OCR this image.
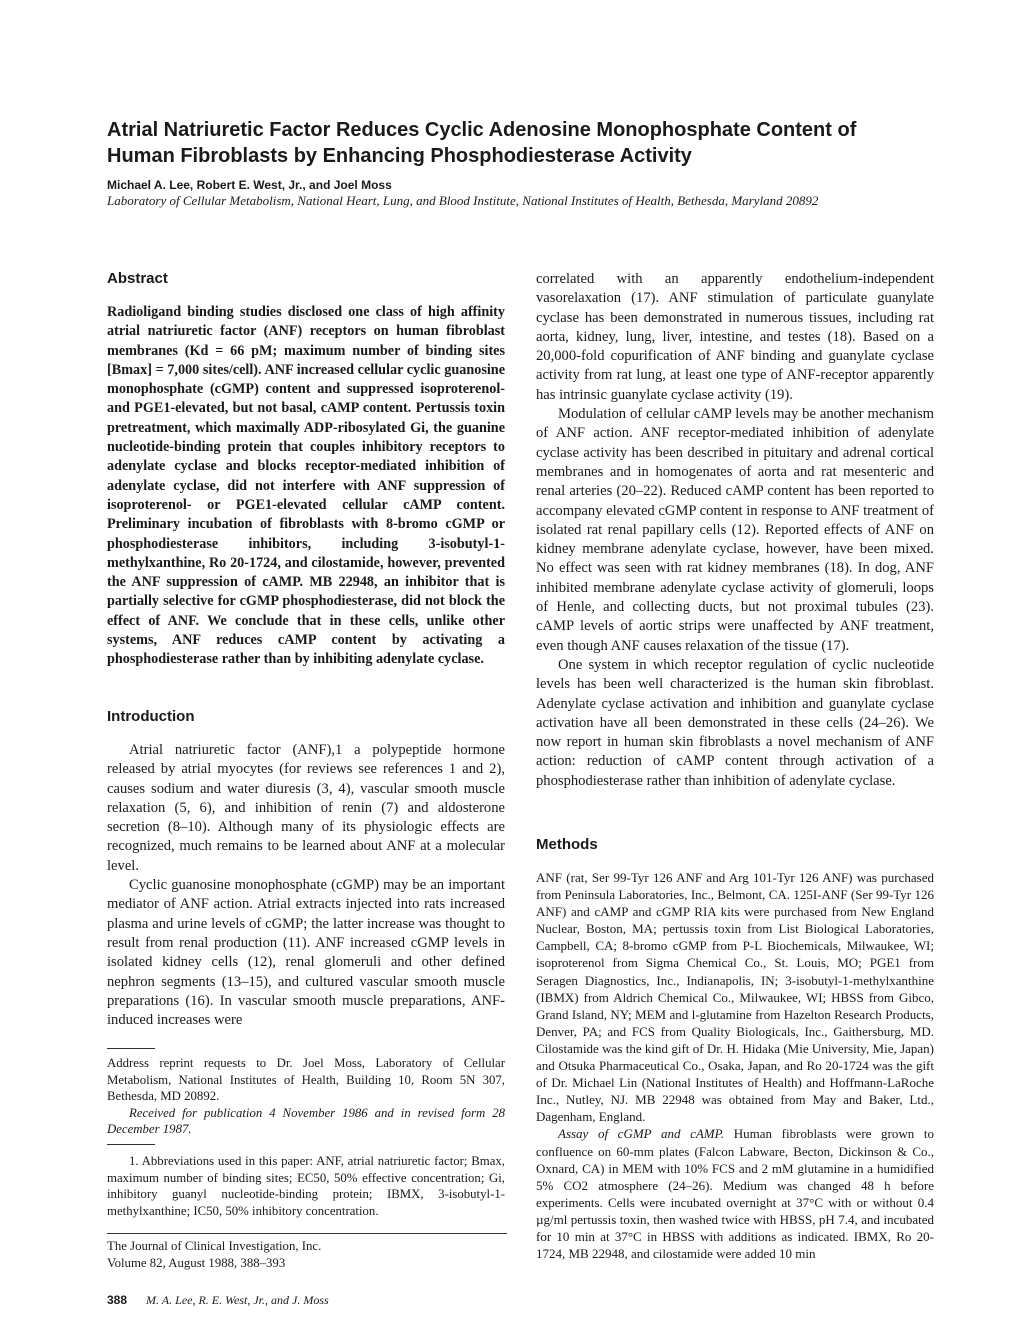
Atrial Natriuretic Factor Reduces Cyclic Adenosine Monophosphate Content of Human Fibroblasts by Enhancing Phosphodiesterase Activity
Michael A. Lee, Robert E. West, Jr., and Joel Moss
Laboratory of Cellular Metabolism, National Heart, Lung, and Blood Institute, National Institutes of Health, Bethesda, Maryland 20892
Abstract

Radioligand binding studies disclosed one class of high affinity atrial natriuretic factor (ANF) receptors on human fibroblast membranes (Kd = 66 pM; maximum number of binding sites [Bmax] = 7,000 sites/cell). ANF increased cellular cyclic guanosine monophosphate (cGMP) content and suppressed isoproterenol- and PGE1-elevated, but not basal, cAMP content. Pertussis toxin pretreatment, which maximally ADP-ribosylated Gi, the guanine nucleotide-binding protein that couples inhibitory receptors to adenylate cyclase and blocks receptor-mediated inhibition of adenylate cyclase, did not interfere with ANF suppression of isoproterenol- or PGE1-elevated cellular cAMP content. Preliminary incubation of fibroblasts with 8-bromo cGMP or phosphodiesterase inhibitors, including 3-isobutyl-1-methylxanthine, Ro 20-1724, and cilostamide, however, prevented the ANF suppression of cAMP. MB 22948, an inhibitor that is partially selective for cGMP phosphodiesterase, did not block the effect of ANF. We conclude that in these cells, unlike other systems, ANF reduces cAMP content by activating a phosphodiesterase rather than by inhibiting adenylate cyclase.

Introduction

Atrial natriuretic factor (ANF),1 a polypeptide hormone released by atrial myocytes (for reviews see references 1 and 2), causes sodium and water diuresis (3, 4), vascular smooth muscle relaxation (5, 6), and inhibition of renin (7) and aldosterone secretion (8–10). Although many of its physiologic effects are recognized, much remains to be learned about ANF at a molecular level.

Cyclic guanosine monophosphate (cGMP) may be an important mediator of ANF action. Atrial extracts injected into rats increased plasma and urine levels of cGMP; the latter increase was thought to result from renal production (11). ANF increased cGMP levels in isolated kidney cells (12), renal glomeruli and other defined nephron segments (13–15), and cultured vascular smooth muscle preparations (16). In vascular smooth muscle preparations, ANF-induced increases were

Address reprint requests to Dr. Joel Moss, Laboratory of Cellular Metabolism, National Institutes of Health, Building 10, Room 5N 307, Bethesda, MD 20892.

Received for publication 4 November 1986 and in revised form 28 December 1987.

1. Abbreviations used in this paper: ANF, atrial natriuretic factor; Bmax, maximum number of binding sites; EC50, 50% effective concentration; Gi, inhibitory guanyl nucleotide-binding protein; IBMX, 3-isobutyl-1-methylxanthine; IC50, 50% inhibitory concentration.

The Journal of Clinical Investigation, Inc.
Volume 82, August 1988, 388–393

correlated with an apparently endothelium-independent vasorelaxation (17). ANF stimulation of particulate guanylate cyclase has been demonstrated in numerous tissues, including rat aorta, kidney, lung, liver, intestine, and testes (18). Based on a 20,000-fold copurification of ANF binding and guanylate cyclase activity from rat lung, at least one type of ANF-receptor apparently has intrinsic guanylate cyclase activity (19).

Modulation of cellular cAMP levels may be another mechanism of ANF action. ANF receptor-mediated inhibition of adenylate cyclase activity has been described in pituitary and adrenal cortical membranes and in homogenates of aorta and rat mesenteric and renal arteries (20–22). Reduced cAMP content has been reported to accompany elevated cGMP content in response to ANF treatment of isolated rat renal papillary cells (12). Reported effects of ANF on kidney membrane adenylate cyclase, however, have been mixed. No effect was seen with rat kidney membranes (18). In dog, ANF inhibited membrane adenylate cyclase activity of glomeruli, loops of Henle, and collecting ducts, but not proximal tubules (23). cAMP levels of aortic strips were unaffected by ANF treatment, even though ANF causes relaxation of the tissue (17).

One system in which receptor regulation of cyclic nucleotide levels has been well characterized is the human skin fibroblast. Adenylate cyclase activation and inhibition and guanylate cyclase activation have all been demonstrated in these cells (24–26). We now report in human skin fibroblasts a novel mechanism of ANF action: reduction of cAMP content through activation of a phosphodiesterase rather than inhibition of adenylate cyclase.

Methods

ANF (rat, Ser 99-Tyr 126 ANF and Arg 101-Tyr 126 ANF) was purchased from Peninsula Laboratories, Inc., Belmont, CA. 125I-ANF (Ser 99-Tyr 126 ANF) and cAMP and cGMP RIA kits were purchased from New England Nuclear, Boston, MA; pertussis toxin from List Biological Laboratories, Campbell, CA; 8-bromo cGMP from P-L Biochemicals, Milwaukee, WI; isoproterenol from Sigma Chemical Co., St. Louis, MO; PGE1 from Seragen Diagnostics, Inc., Indianapolis, IN; 3-isobutyl-1-methylxanthine (IBMX) from Aldrich Chemical Co., Milwaukee, WI; HBSS from Gibco, Grand Island, NY; MEM and l-glutamine from Hazelton Research Products, Denver, PA; and FCS from Quality Biologicals, Inc., Gaithersburg, MD. Cilostamide was the kind gift of Dr. H. Hidaka (Mie University, Mie, Japan) and Otsuka Pharmaceutical Co., Osaka, Japan, and Ro 20-1724 was the gift of Dr. Michael Lin (National Institutes of Health) and Hoffmann-LaRoche Inc., Nutley, NJ. MB 22948 was obtained from May and Baker, Ltd., Dagenham, England.

Assay of cGMP and cAMP. Human fibroblasts were grown to confluence on 60-mm plates (Falcon Labware, Becton, Dickinson & Co., Oxnard, CA) in MEM with 10% FCS and 2 mM glutamine in a humidified 5% CO2 atmosphere (24–26). Medium was changed 48 h before experiments. Cells were incubated overnight at 37°C with or without 0.4 µg/ml pertussis toxin, then washed twice with HBSS, pH 7.4, and incubated for 10 min at 37°C in HBSS with additions as indicated. IBMX, Ro 20-1724, MB 22948, and cilostamide were added 10 min

388 M. A. Lee, R. E. West, Jr., and J. Moss
